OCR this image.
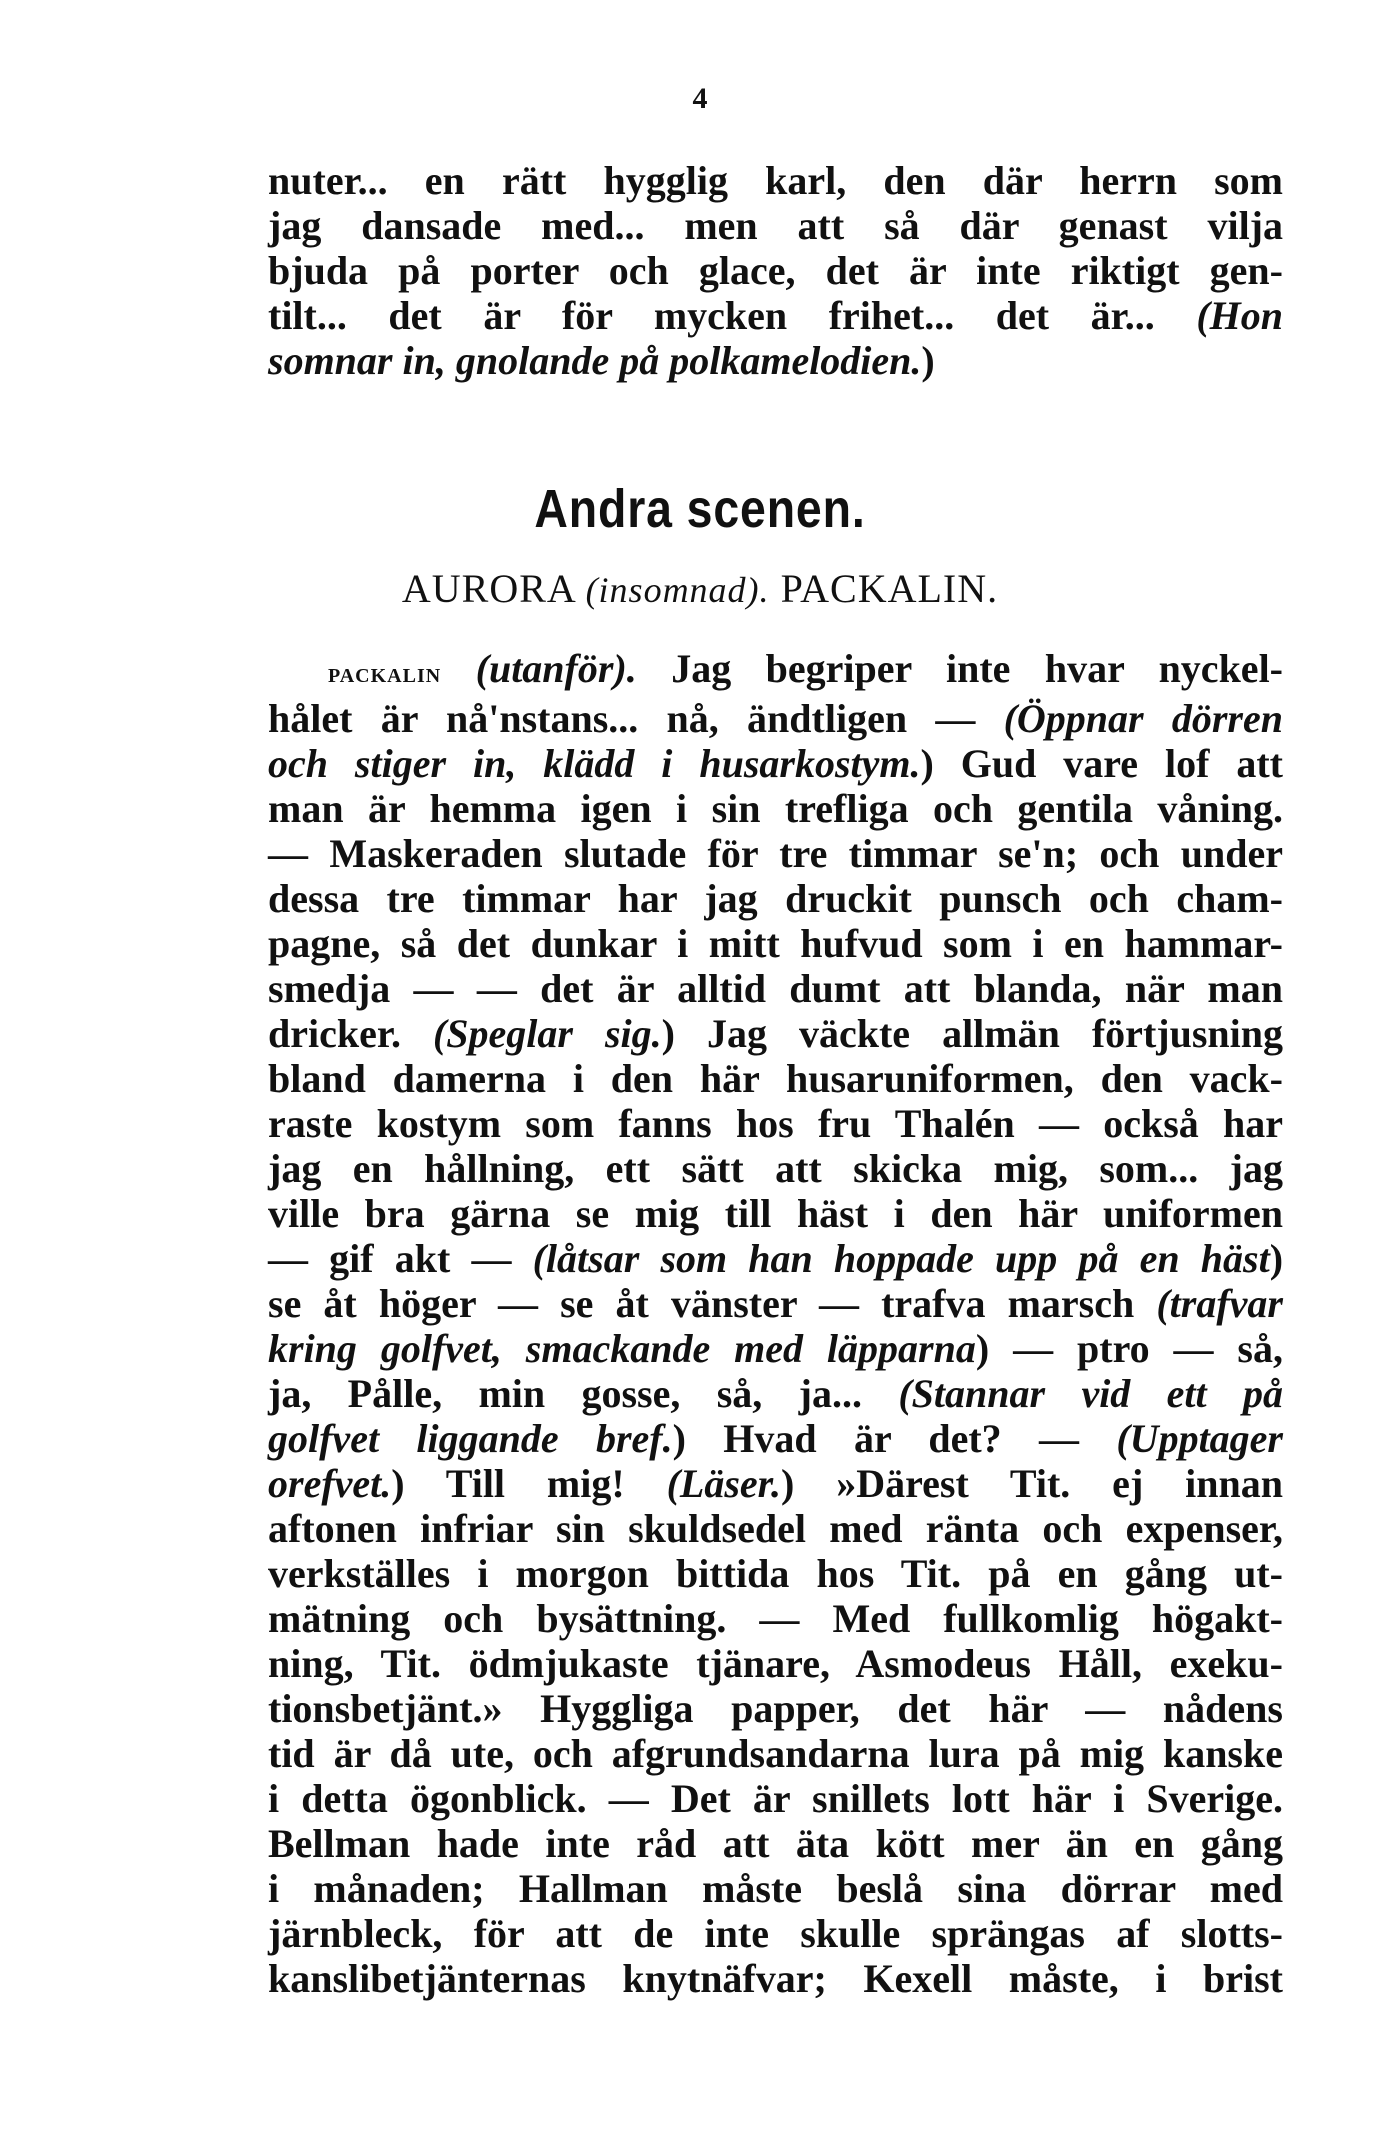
4
nuter... en rätt hygglig karl, den där herrn som
jag dansade med... men att så där genast vilja
bjuda på porter och glace, det är inte riktigt gen-
tilt... det är för mycken frihet... det är... (Hon
somnar in, gnolande på polkamelodien.)
Andra scenen.
AURORA (insomnad). PACKALIN.
packalin (utanför). Jag begriper inte hvar nyckel-
hålet är nå'nstans... nå, ändtligen — (Öppnar dörren
och stiger in, klädd i husarkostym.) Gud vare lof att
man är hemma igen i sin trefliga och gentila våning.
— Maskeraden slutade för tre timmar se'n; och under
dessa tre timmar har jag druckit punsch och cham-
pagne, så det dunkar i mitt hufvud som i en hammar-
smedja — — det är alltid dumt att blanda, när man
dricker. (Speglar sig.) Jag väckte allmän förtjusning
bland damerna i den här husaruniformen, den vack-
raste kostym som fanns hos fru Thalén — också har
jag en hållning, ett sätt att skicka mig, som... jag
ville bra gärna se mig till häst i den här uniformen
— gif akt — (låtsar som han hoppade upp på en häst)
se åt höger — se åt vänster — trafva marsch (trafvar
kring golfvet, smackande med läpparna) — ptro — så,
ja, Pålle, min gosse, så, ja... (Stannar vid ett på
golfvet liggande bref.) Hvad är det? — (Upptager
orefvet.) Till mig! (Läser.) »Därest Tit. ej innan
aftonen infriar sin skuldsedel med ränta och expenser,
verkställes i morgon bittida hos Tit. på en gång ut-
mätning och bysättning. — Med fullkomlig högakt-
ning, Tit. ödmjukaste tjänare, Asmodeus Håll, exeku-
tionsbetjänt.» Hyggliga papper, det här — nådens
tid är då ute, och afgrundsandarna lura på mig kanske
i detta ögonblick. — Det är snillets lott här i Sverige.
Bellman hade inte råd att äta kött mer än en gång
i månaden; Hallman måste beslå sina dörrar med
järnbleck, för att de inte skulle sprängas af slotts-
kanslibetjänternas knytnäfvar; Kexell måste, i brist
